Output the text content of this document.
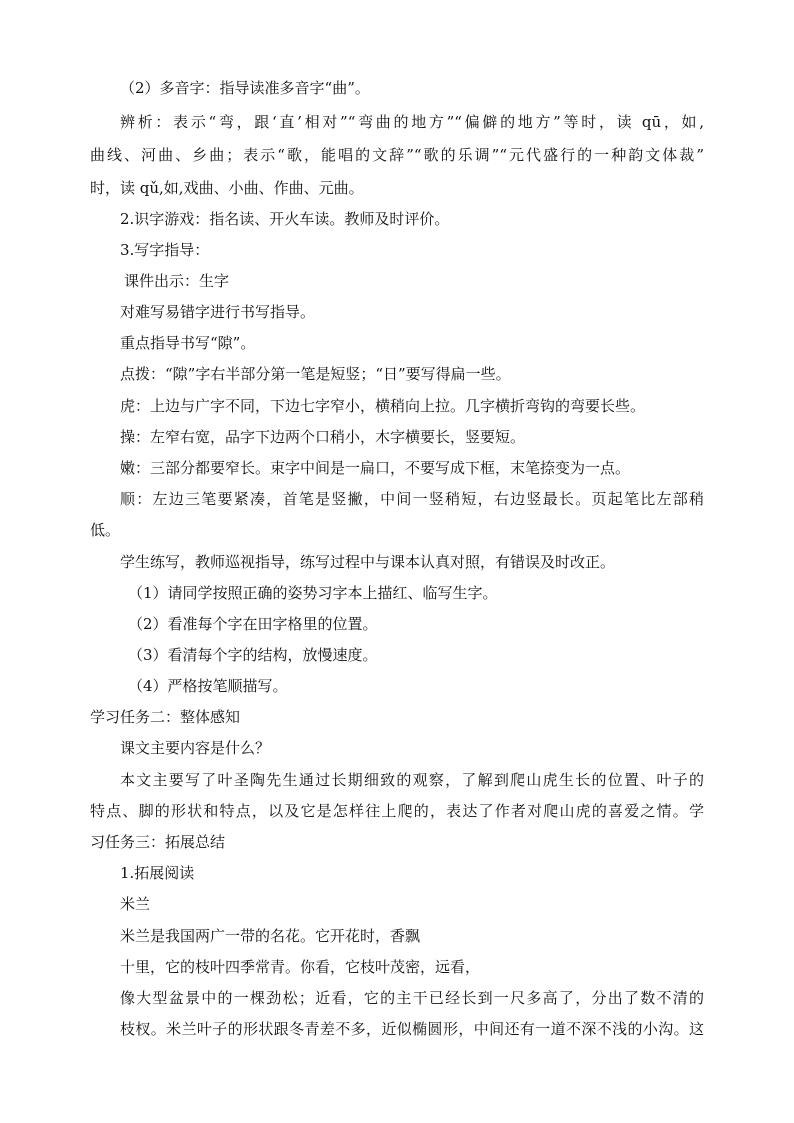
（2）多音字：指导读准多音字“曲”。
辨析：表示“弯，跟‘直’相对”“弯曲的地方”“偏僻的地方”等时，读 qū，如,
曲线、河曲、乡曲；表示“歌，能唱的文辞”“歌的乐调”“元代盛行的一种韵文体裁”
时，读 qǔ,如,戏曲、小曲、作曲、元曲。
2.识字游戏：指名读、开火车读。教师及时评价。
3.写字指导：
课件出示：生字
对难写易错字进行书写指导。
重点指导书写“隙”。
点拨：“隙”字右半部分第一笔是短竖；“日”要写得扁一些。
虎：上边与广字不同，下边七字窄小，横稍向上拉。几字横折弯钩的弯要长些。
操：左窄右宽，品字下边两个口稍小，木字横要长，竖要短。
嫩：三部分都要窄长。束字中间是一扁口，不要写成下框，末笔捺变为一点。
顺：左边三笔要紧凑，首笔是竖撇，中间一竖稍短，右边竖最长。页起笔比左部稍
低。
学生练写，教师巡视指导，练写过程中与课本认真对照，有错误及时改正。
（1）请同学按照正确的姿势习字本上描红、临写生字。
（2）看准每个字在田字格里的位置。
（3）看清每个字的结构，放慢速度。
（4）严格按笔顺描写。
学习任务二：整体感知
课文主要内容是什么？
本文主要写了叶圣陶先生通过长期细致的观察，了解到爬山虎生长的位置、叶子的
特点、脚的形状和特点，以及它是怎样往上爬的，表达了作者对爬山虎的喜爱之情。学
习任务三：拓展总结
1.拓展阅读
米兰
米兰是我国两广一带的名花。它开花时，香飘
十里，它的枝叶四季常青。你看，它枝叶茂密，远看，
像大型盆景中的一棵劲松；近看，它的主干已经长到一尺多高了，分出了数不清的
枝杈。米兰叶子的形状跟冬青差不多，近似椭圆形，中间还有一道不深不浅的小沟。这
